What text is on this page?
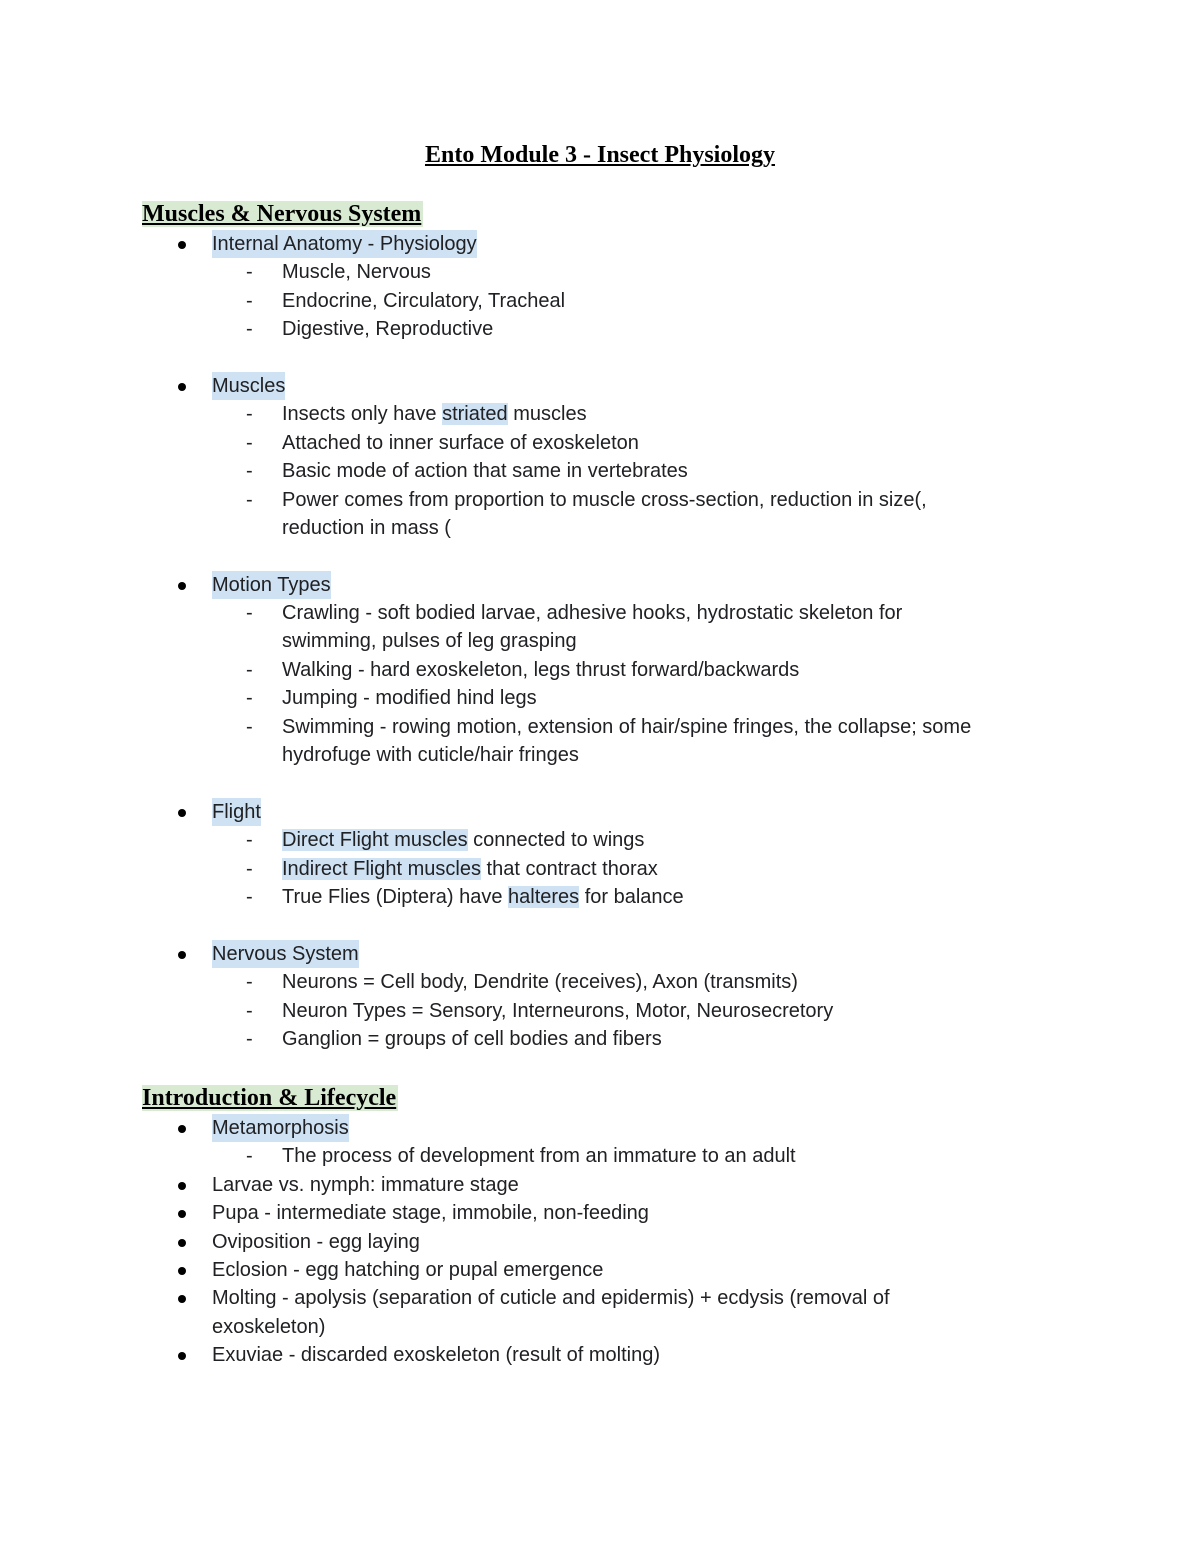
Ento Module 3 - Insect Physiology
Muscles & Nervous System
Internal Anatomy - Physiology
- Muscle, Nervous
- Endocrine, Circulatory, Tracheal
- Digestive, Reproductive
Muscles
- Insects only have striated muscles
- Attached to inner surface of exoskeleton
- Basic mode of action that same in vertebrates
- Power comes from proportion to muscle cross-section, reduction in size(,
reduction in mass (
Motion Types
- Crawling - soft bodied larvae, adhesive hooks, hydrostatic skeleton for
swimming, pulses of leg grasping
- Walking - hard exoskeleton, legs thrust forward/backwards
- Jumping - modified hind legs
- Swimming - rowing motion, extension of hair/spine fringes, the collapse; some
hydrofuge with cuticle/hair fringes
Flight
- Direct Flight muscles connected to wings
- Indirect Flight muscles that contract thorax
- True Flies (Diptera) have halteres for balance
Nervous System
- Neurons = Cell body, Dendrite (receives), Axon (transmits)
- Neuron Types = Sensory, Interneurons, Motor, Neurosecretory
- Ganglion = groups of cell bodies and fibers
Introduction & Lifecycle
Metamorphosis
- The process of development from an immature to an adult
Larvae vs. nymph: immature stage
Pupa - intermediate stage, immobile, non-feeding
Oviposition - egg laying
Eclosion - egg hatching or pupal emergence
Molting - apolysis (separation of cuticle and epidermis) + ecdysis (removal of
exoskeleton)
Exuviae - discarded exoskeleton (result of molting)
